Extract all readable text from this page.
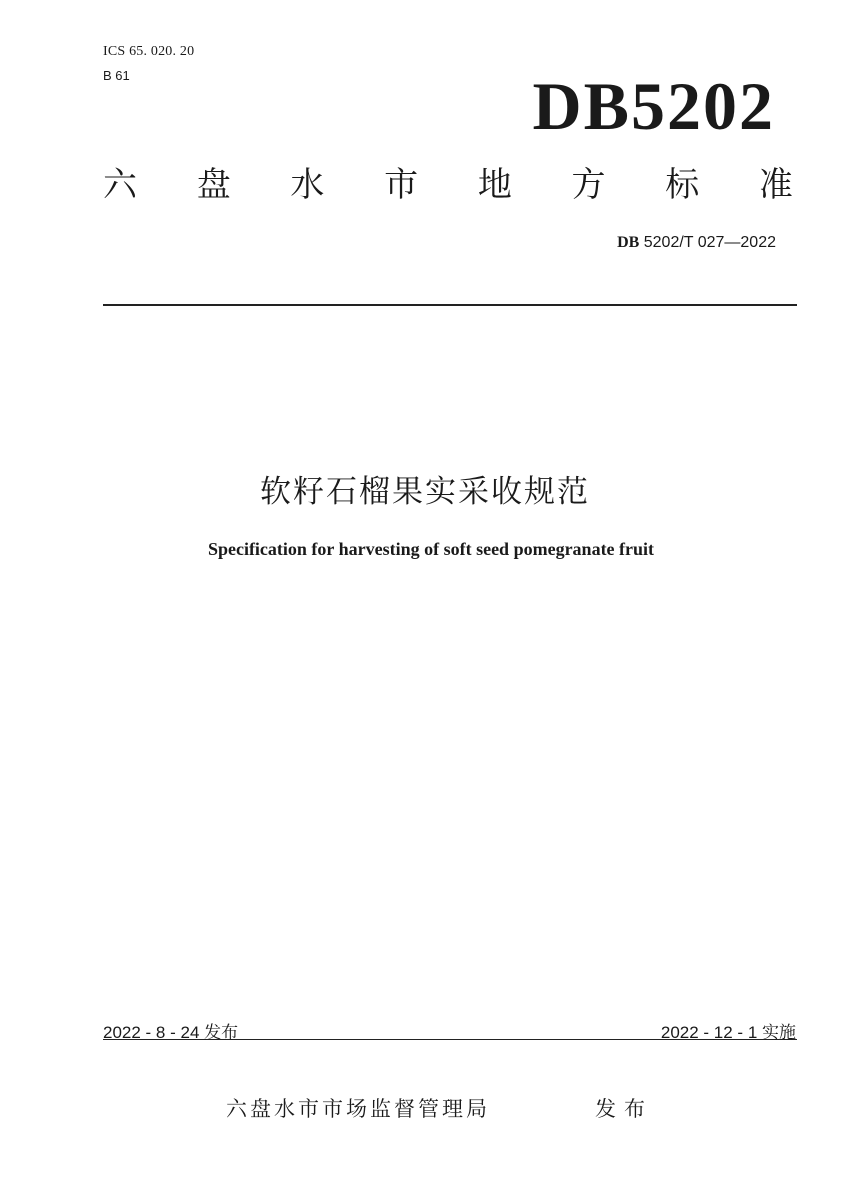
ICS 65. 020. 20
B 61	DB5202
六 盘 水 市 地 方 标 准
DB 5202/T 027—2022
软籽石榴果实采收规范
Specification for harvesting of soft seed pomegranate fruit
2022 - 8 - 24 发布	2022 - 12 - 1 实施
六盘水市市场监督管理局	发布
